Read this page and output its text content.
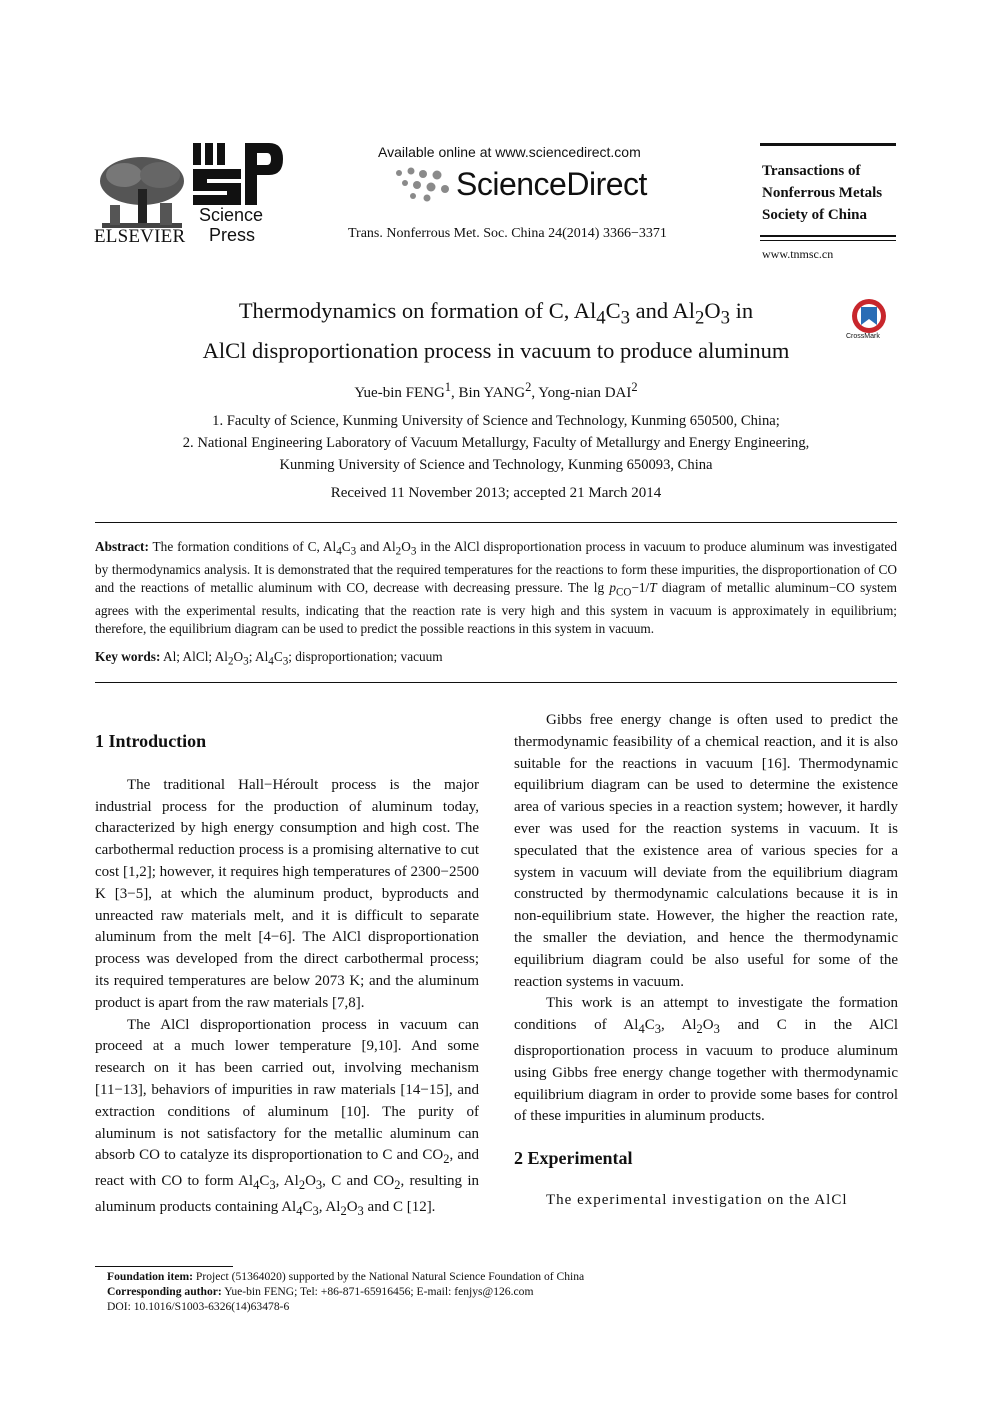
ELSEVIER
Science
Press
Available online at www.sciencedirect.com
ScienceDirect
Trans. Nonferrous Met. Soc. China 24(2014) 3366−3371
Transactions of
Nonferrous Metals
Society of China
www.tnmsc.cn
Thermodynamics on formation of C, $Al_4C_3$ and $Al_2O_3$ in
AlCl disproportionation process in vacuum to produce aluminum
CrossMark
Yue-bin FENG$^1$, Bin YANG$^2$, Yong-nian DAI$^2$
1. Faculty of Science, Kunming University of Science and Technology, Kunming 650500, China;
2. National Engineering Laboratory of Vacuum Metallurgy, Faculty of Metallurgy and Energy Engineering,
Kunming University of Science and Technology, Kunming 650093, China
Received 11 November 2013; accepted 21 March 2014
Abstract: The formation conditions of C, $Al_4C_3$ and $Al_2O_3$ in the AlCl disproportionation process in vacuum to produce aluminum was investigated by thermodynamics analysis. It is demonstrated that the required temperatures for the reactions to form these impurities, the disproportionation of CO and the reactions of metallic aluminum with CO, decrease with decreasing pressure. The $\lg p_{CO}-1/T$ diagram of metallic aluminum−CO system agrees with the experimental results, indicating that the reaction rate is very high and this system in vacuum is approximately in equilibrium; therefore, the equilibrium diagram can be used to predict the possible reactions in this system in vacuum.
Key words: Al; AlCl; $Al_2O_3$; $Al_4C_3$; disproportionation; vacuum
1 Introduction

The traditional Hall−Héroult process is the major industrial process for the production of aluminum today, characterized by high energy consumption and high cost. The carbothermal reduction process is a promising alternative to cut cost [1,2]; however, it requires high temperatures of 2300−2500 K [3−5], at which the aluminum product, byproducts and unreacted raw materials melt, and it is difficult to separate aluminum from the melt [4−6]. The AlCl disproportionation process was developed from the direct carbothermal process; its required temperatures are below 2073 K; and the aluminum product is apart from the raw materials [7,8].

The AlCl disproportionation process in vacuum can proceed at a much lower temperature [9,10]. And some research on it has been carried out, involving mechanism [11−13], behaviors of impurities in raw materials [14−15], and extraction conditions of aluminum [10]. The purity of aluminum is not satisfactory for the metallic aluminum can absorb CO to catalyze its disproportionation to C and $CO_2$, and react with CO to form $Al_4C_3$, $Al_2O_3$, C and $CO_2$, resulting in aluminum products containing $Al_4C_3$, $Al_2O_3$ and C [12].

Gibbs free energy change is often used to predict the thermodynamic feasibility of a chemical reaction, and it is also suitable for the reactions in vacuum [16]. Thermodynamic equilibrium diagram can be used to determine the existence area of various species in a reaction system; however, it hardly ever was used for the reaction systems in vacuum. It is speculated that the existence area of various species for a system in vacuum will deviate from the equilibrium diagram constructed by thermodynamic calculations because it is in non-equilibrium state. However, the higher the reaction rate, the smaller the deviation, and hence the thermodynamic equilibrium diagram could be also useful for some of the reaction systems in vacuum.

This work is an attempt to investigate the formation conditions of $Al_4C_3$, $Al_2O_3$ and C in the AlCl disproportionation process in vacuum to produce aluminum using Gibbs free energy change together with thermodynamic equilibrium diagram in order to provide some bases for control of these impurities in aluminum products.

2 Experimental

The experimental investigation on the AlCl

Foundation item: Project (51364020) supported by the National Natural Science Foundation of China
Corresponding author: Yue-bin FENG; Tel: +86-871-65916456; E-mail: fenjys@126.com
DOI: 10.1016/S1003-6326(14)63478-6
